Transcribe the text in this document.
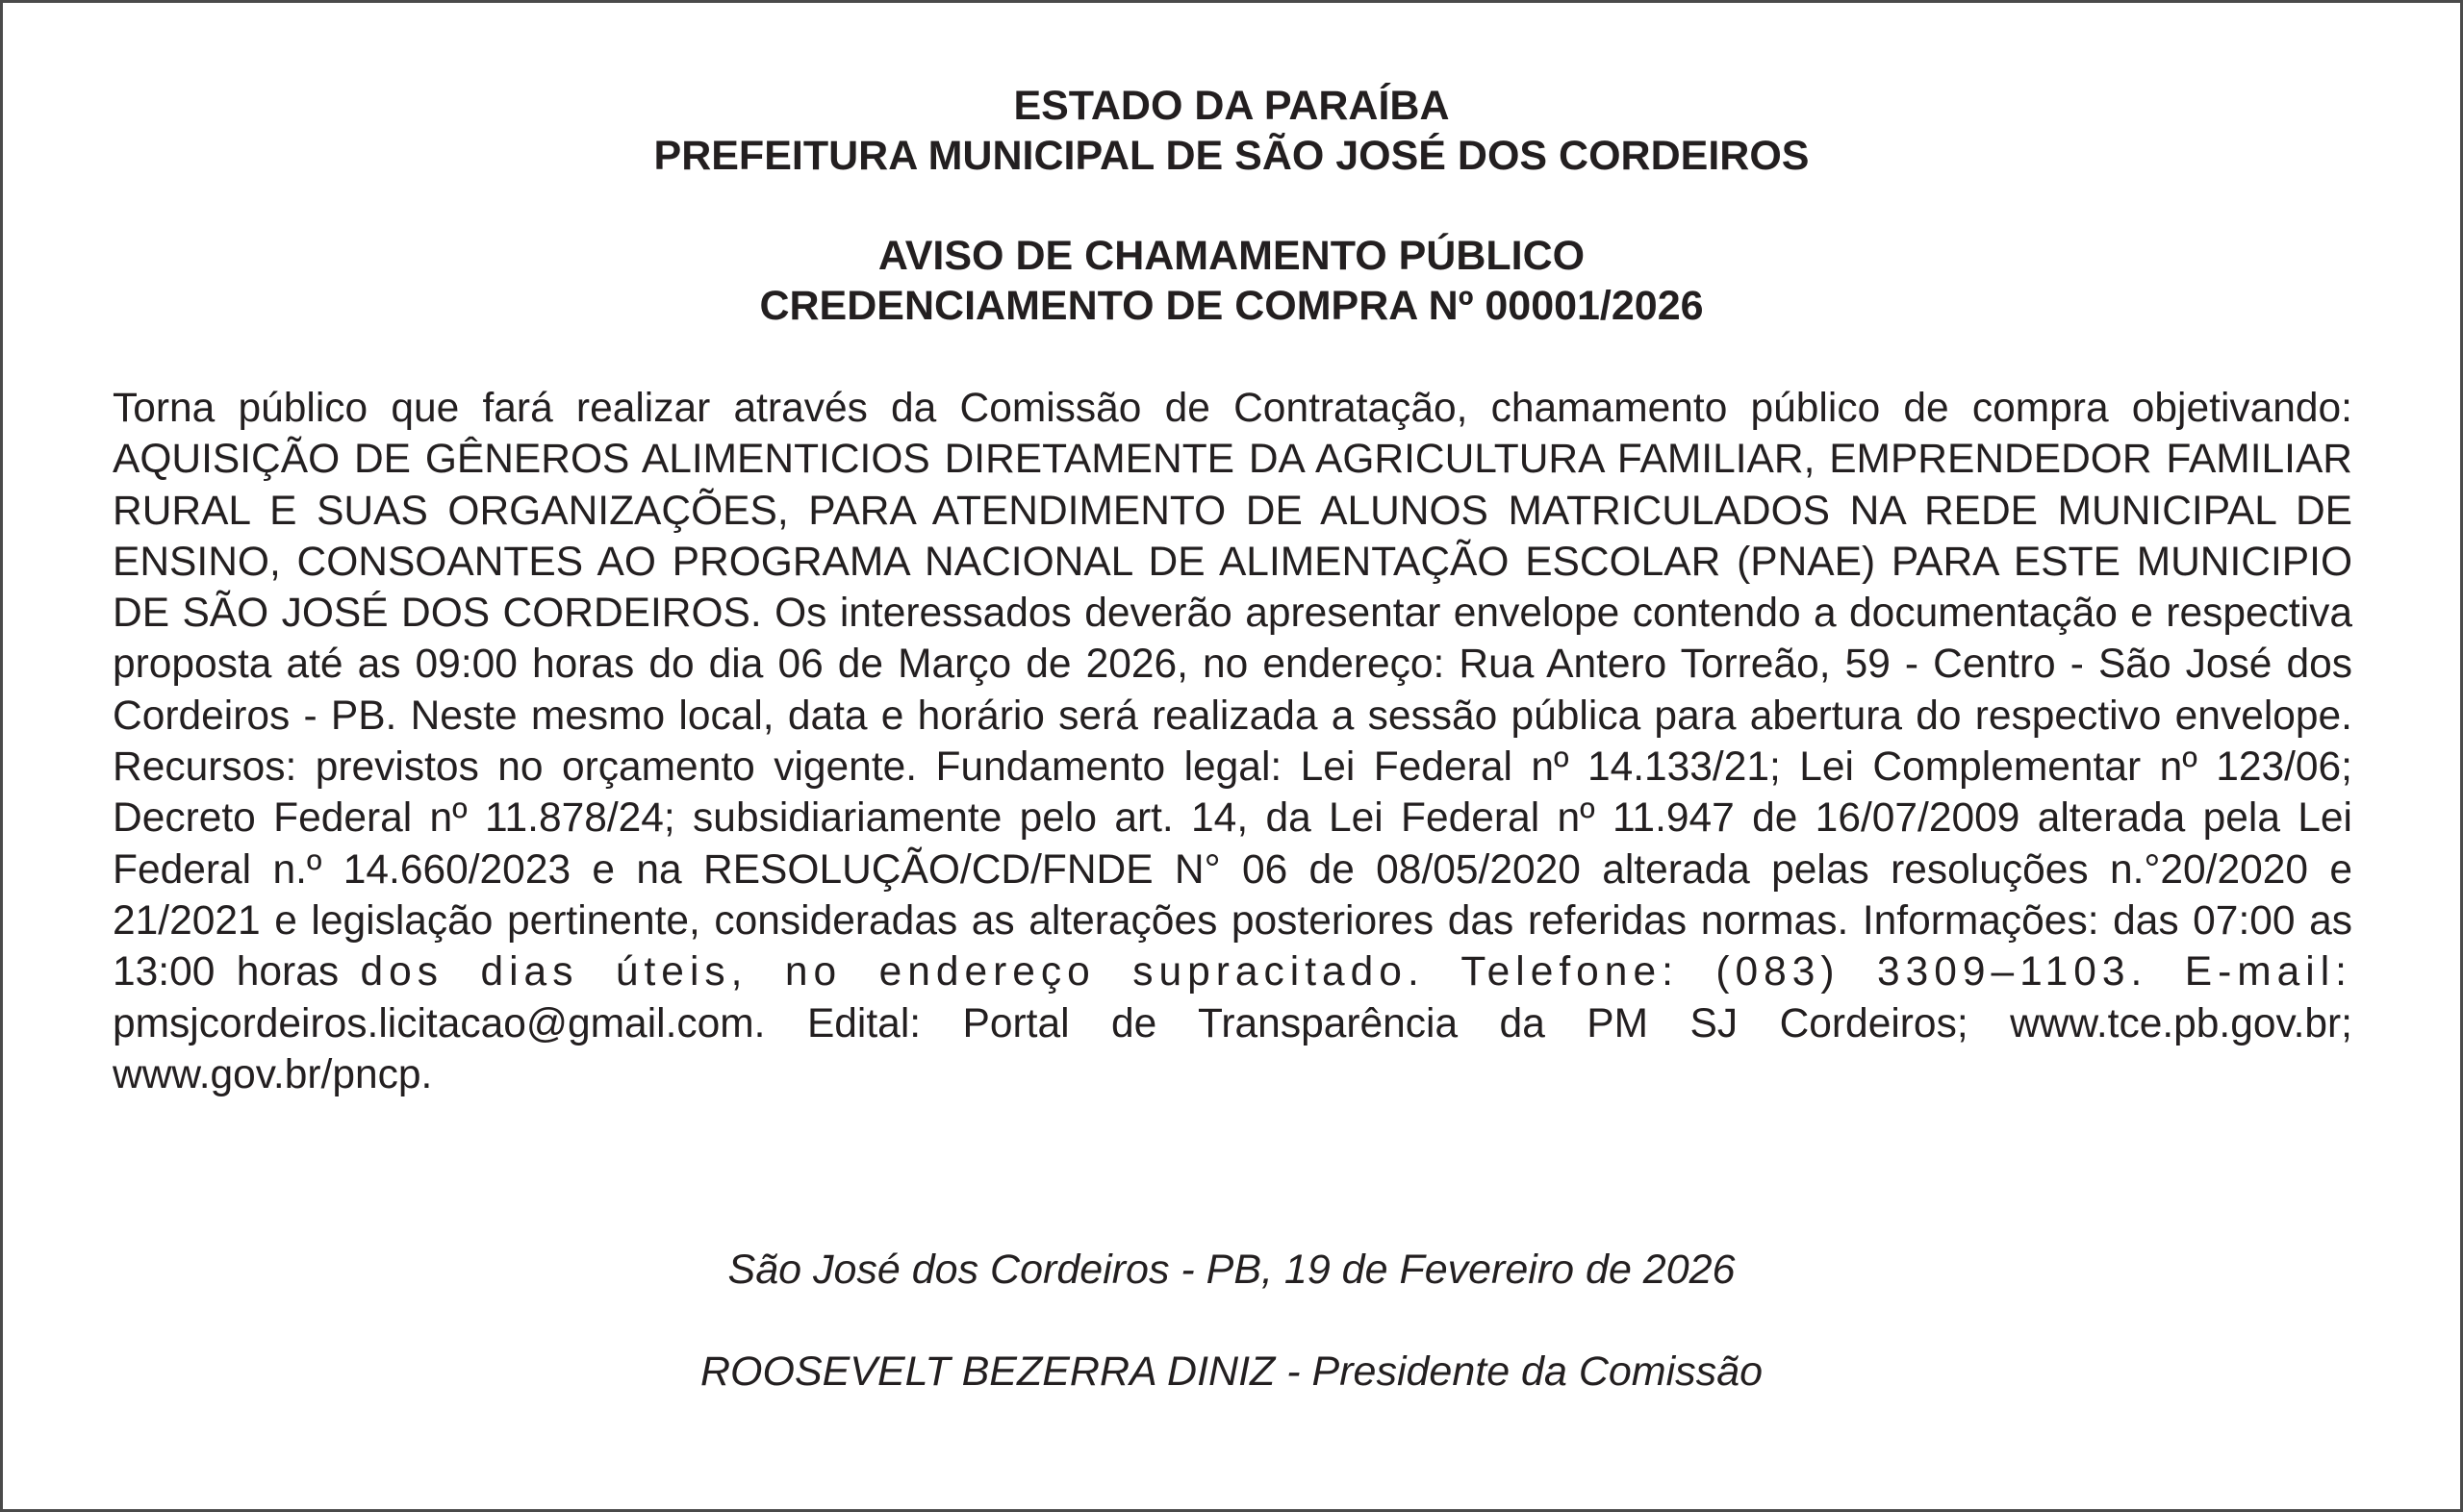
ESTADO DA PARAÍBA
PREFEITURA MUNICIPAL DE SÃO JOSÉ DOS CORDEIROS
AVISO DE CHAMAMENTO PÚBLICO
CREDENCIAMENTO DE COMPRA Nº 00001/2026
Torna público que fará realizar através da Comissão de Contratação, chamamento público de compra objetivando: AQUISIÇÃO DE GÊNEROS ALIMENTICIOS DIRETAMENTE DA AGRICULTURA FAMILIAR, EMPRENDEDOR FAMILIAR RURAL E SUAS ORGANIZAÇÕES, PARA ATENDIMENTO DE ALUNOS MATRICULADOS NA REDE MUNICIPAL DE ENSINO, CONSOANTES AO PROGRAMA NACIONAL DE ALIMENTAÇÃO ESCOLAR (PNAE) PARA ESTE MUNICIPIO DE SÃO JOSÉ DOS CORDEIROS. Os interessados deverão apresentar envelope contendo a documentação e respectiva proposta até as 09:00 horas do dia 06 de Março de 2026, no endereço: Rua Antero Torreão, 59 - Centro - São José dos Cordeiros - PB. Neste mesmo local, data e horário será realizada a sessão pública para abertura do respectivo envelope. Recursos: previstos no orçamento vigente. Fundamento legal: Lei Federal nº 14.133/21; Lei Complementar nº 123/06; Decreto Federal nº 11.878/24; subsidiariamente pelo art. 14, da Lei Federal nº 11.947 de 16/07/2009 alterada pela Lei Federal n.º 14.660/2023 e na RESOLUÇÃO/CD/FNDE N° 06 de 08/05/2020 alterada pelas resoluções n.°20/2020 e 21/2021 e legislação pertinente, consideradas as alterações posteriores das referidas normas. Informações: das 07:00 as 13:00 horas dos dias úteis, no endereço supracitado. Telefone: (083) 3309–1103. E-mail: pmsjcordeiros.licitacao@gmail.com. Edital: Portal de Transparência da PM SJ Cordeiros; www.tce.pb.gov.br; www.gov.br/pncp.
São José dos Cordeiros - PB, 19 de Fevereiro de 2026
ROOSEVELT BEZERRA DINIZ - Presidente da Comissão
